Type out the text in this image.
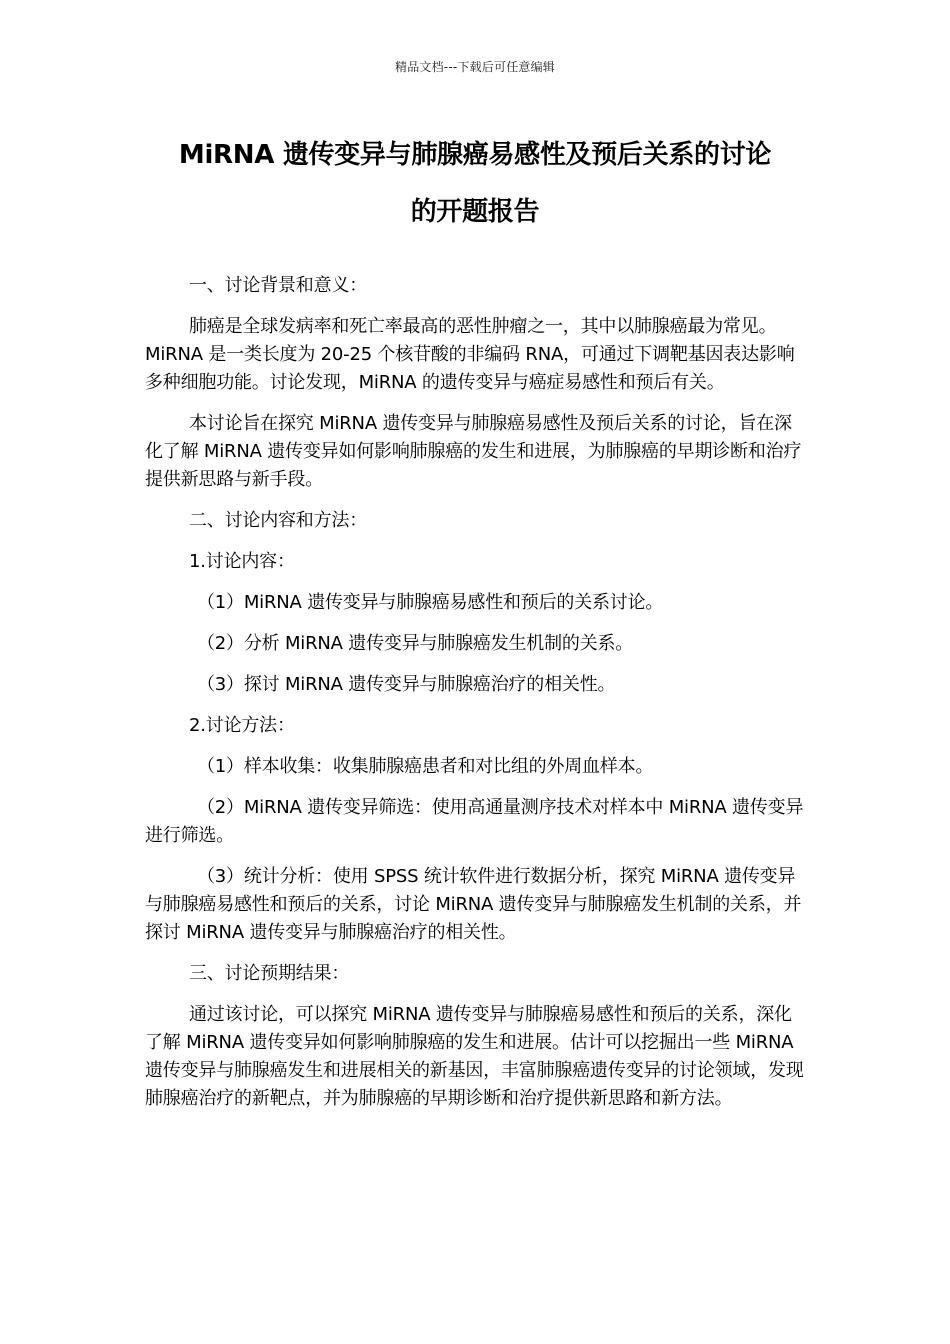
精品文档---下载后可任意编辑
MiRNA 遗传变异与肺腺癌易感性及预后关系的讨论
的开题报告

一、讨论背景和意义：

肺癌是全球发病率和死亡率最高的恶性肿瘤之一，其中以肺腺癌最为常见。MiRNA 是一类长度为 20-25 个核苷酸的非编码 RNA，可通过下调靶基因表达影响多种细胞功能。讨论发现，MiRNA 的遗传变异与癌症易感性和预后有关。

本讨论旨在探究 MiRNA 遗传变异与肺腺癌易感性及预后关系的讨论，旨在深化了解 MiRNA 遗传变异如何影响肺腺癌的发生和进展，为肺腺癌的早期诊断和治疗提供新思路与新手段。

二、讨论内容和方法：

1.讨论内容：

（1）MiRNA 遗传变异与肺腺癌易感性和预后的关系讨论。

（2）分析 MiRNA 遗传变异与肺腺癌发生机制的关系。

（3）探讨 MiRNA 遗传变异与肺腺癌治疗的相关性。

2.讨论方法：

（1）样本收集：收集肺腺癌患者和对比组的外周血样本。

（2）MiRNA 遗传变异筛选：使用高通量测序技术对样本中 MiRNA 遗传变异进行筛选。

（3）统计分析：使用 SPSS 统计软件进行数据分析，探究 MiRNA 遗传变异与肺腺癌易感性和预后的关系，讨论 MiRNA 遗传变异与肺腺癌发生机制的关系，并探讨 MiRNA 遗传变异与肺腺癌治疗的相关性。

三、讨论预期结果：

通过该讨论，可以探究 MiRNA 遗传变异与肺腺癌易感性和预后的关系，深化了解 MiRNA 遗传变异如何影响肺腺癌的发生和进展。估计可以挖掘出一些 MiRNA 遗传变异与肺腺癌发生和进展相关的新基因，丰富肺腺癌遗传变异的讨论领域，发现肺腺癌治疗的新靶点，并为肺腺癌的早期诊断和治疗提供新思路和新方法。
